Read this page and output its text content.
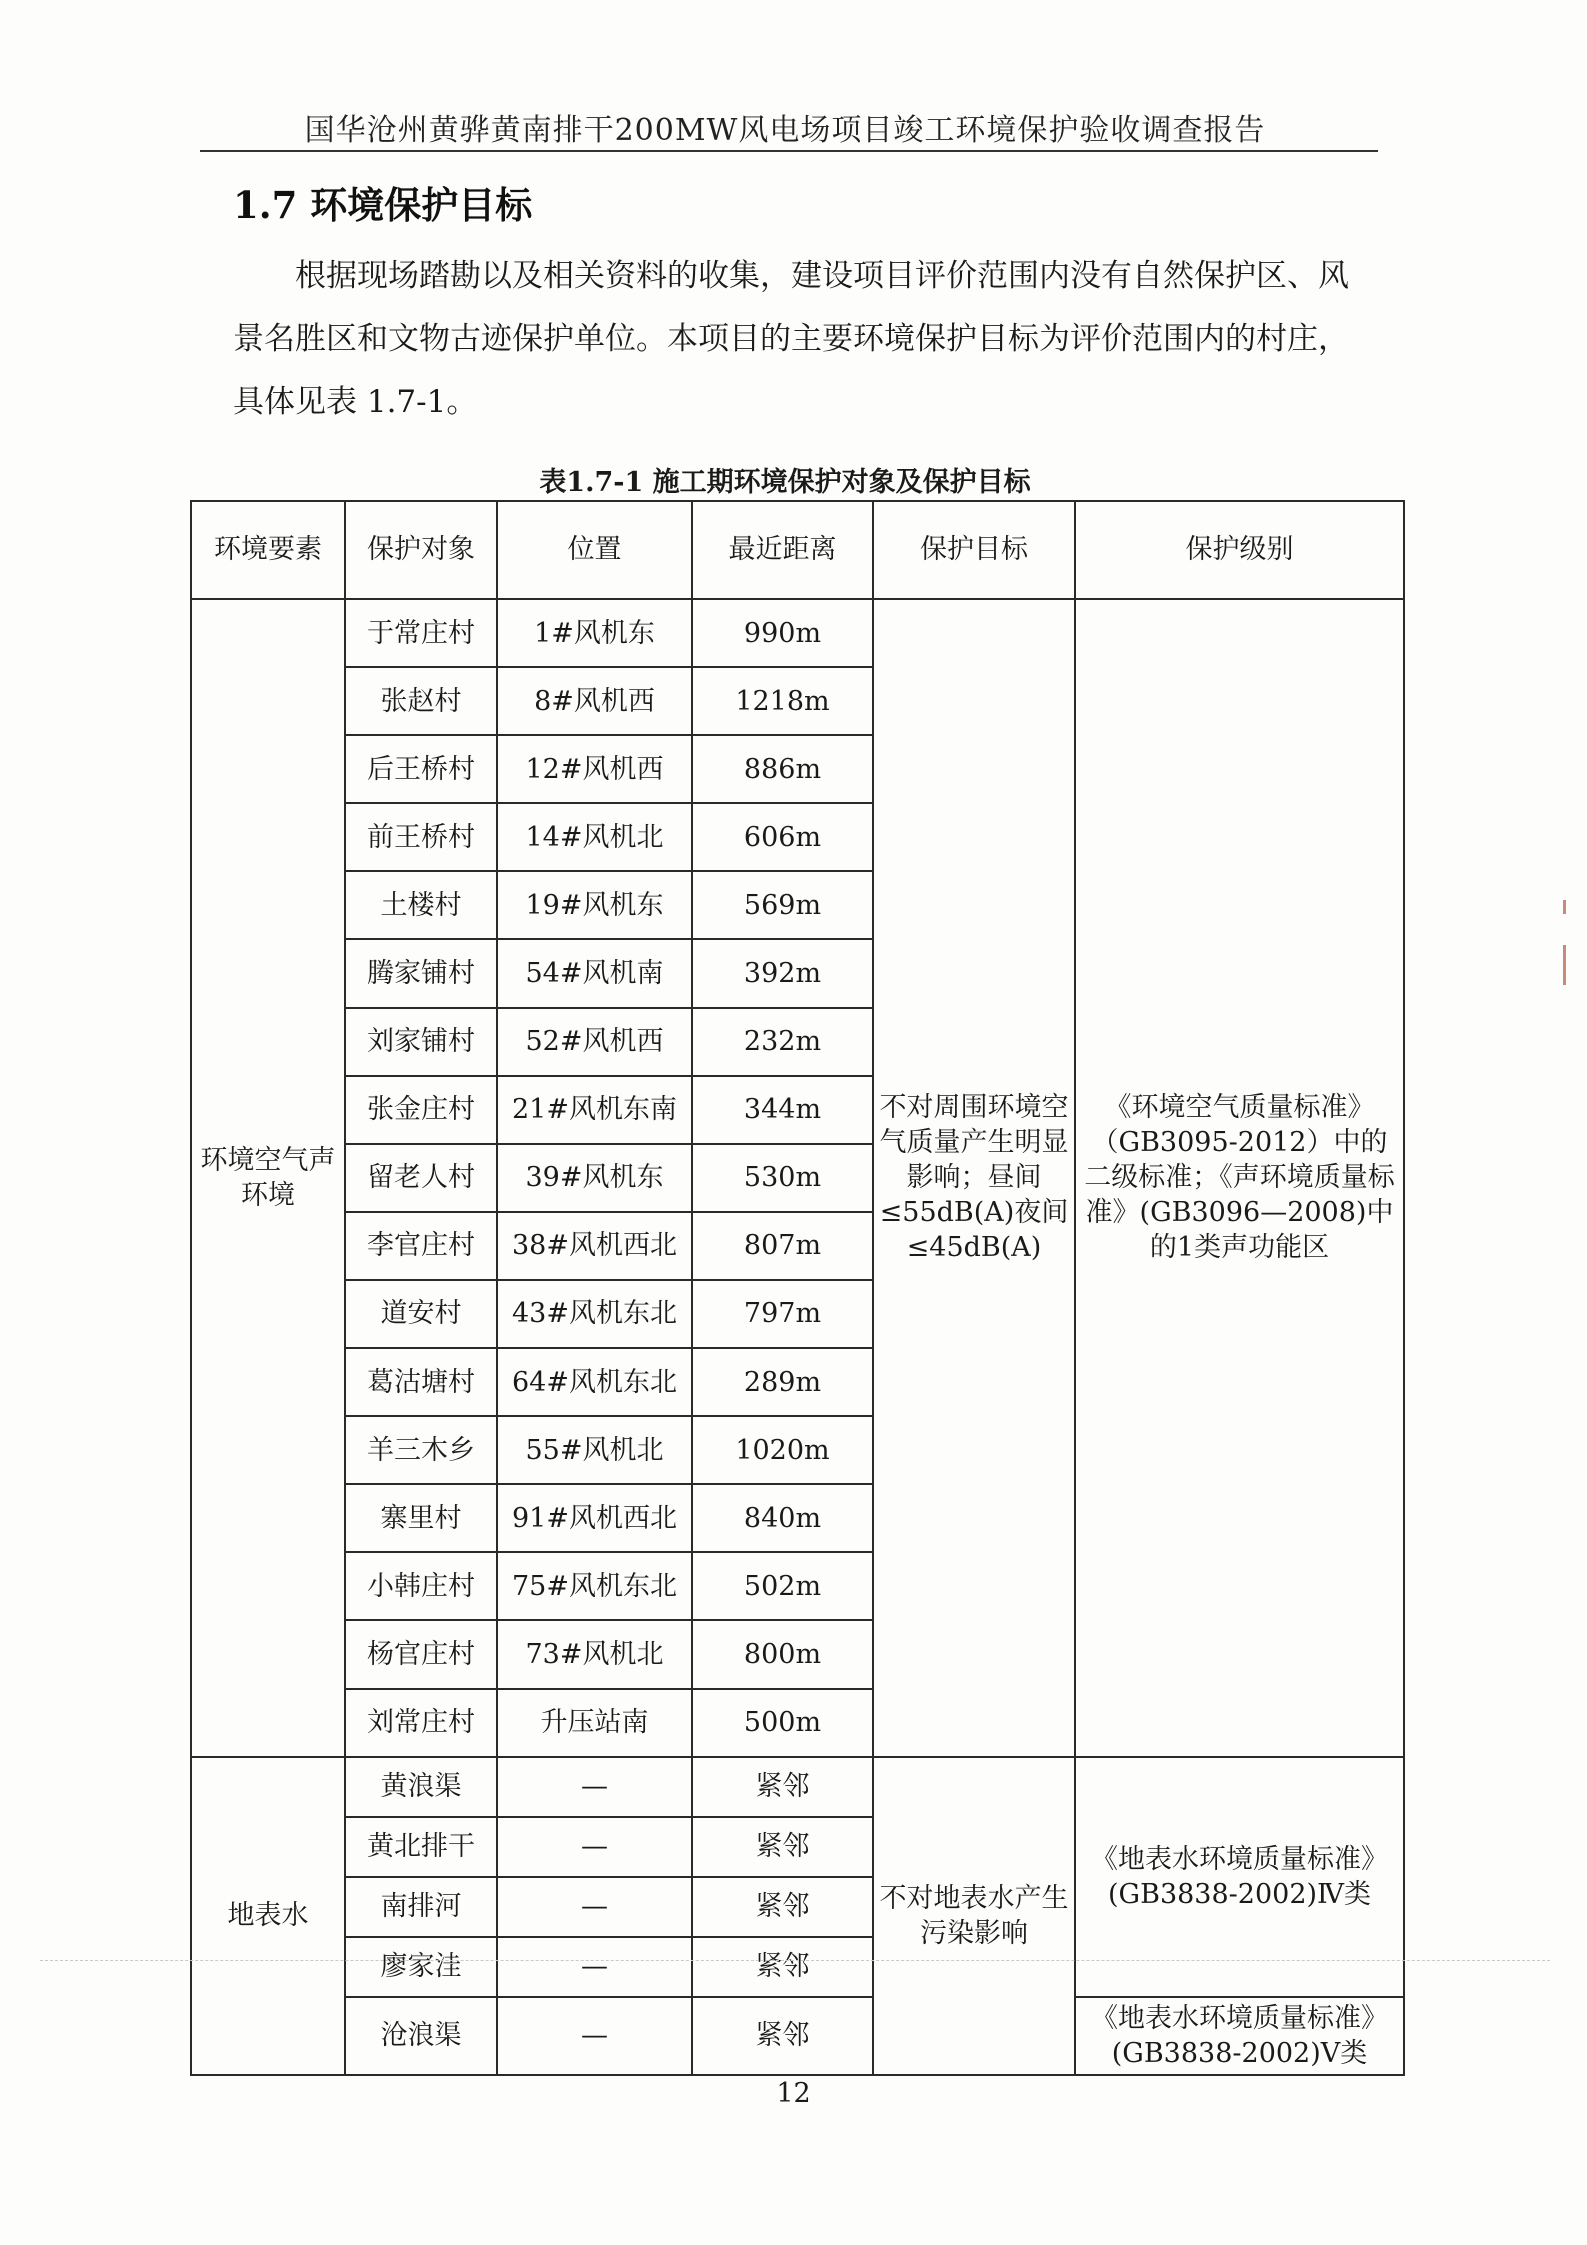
国华沧州黄骅黄南排干200MW风电场项目竣工环境保护验收调查报告
1.7 环境保护目标
根据现场踏勘以及相关资料的收集，建设项目评价范围内没有自然保护区、风景名胜区和文物古迹保护单位。本项目的主要环境保护目标为评价范围内的村庄，具体见表 1.7-1。
表1.7-1 施工期环境保护对象及保护目标
环境要素	保护对象	位置	最近距离	保护目标	保护级别
环境空气声环境	于常庄村	1#风机东	990m	不对周围环境空气质量产生明显影响；昼间≤55dB(A)夜间≤45dB(A)	《环境空气质量标准》（GB3095-2012）中的二级标准；《声环境质量标准》(GB3096—2008)中的1类声功能区
	张赵村	8#风机西	1218m		
	后王桥村	12#风机西	886m		
	前王桥村	14#风机北	606m		
	土楼村	19#风机东	569m		
	腾家铺村	54#风机南	392m		
	刘家铺村	52#风机西	232m		
	张金庄村	21#风机东南	344m		
	留老人村	39#风机东	530m		
	李官庄村	38#风机西北	807m		
	道安村	43#风机东北	797m		
	葛沽塘村	64#风机东北	289m		
	羊三木乡	55#风机北	1020m		
	寨里村	91#风机西北	840m		
	小韩庄村	75#风机东北	502m		
	杨官庄村	73#风机北	800m		
	刘常庄村	升压站南	500m		
地表水	黄浪渠	—	紧邻	不对地表水产生污染影响	《地表水环境质量标准》(GB3838-2002)Ⅳ类
	黄北排干	—	紧邻		
	南排河	—	紧邻		
	廖家洼	—	紧邻		
	沧浪渠	—	紧邻		《地表水环境质量标准》(GB3838-2002)Ⅴ类
12
